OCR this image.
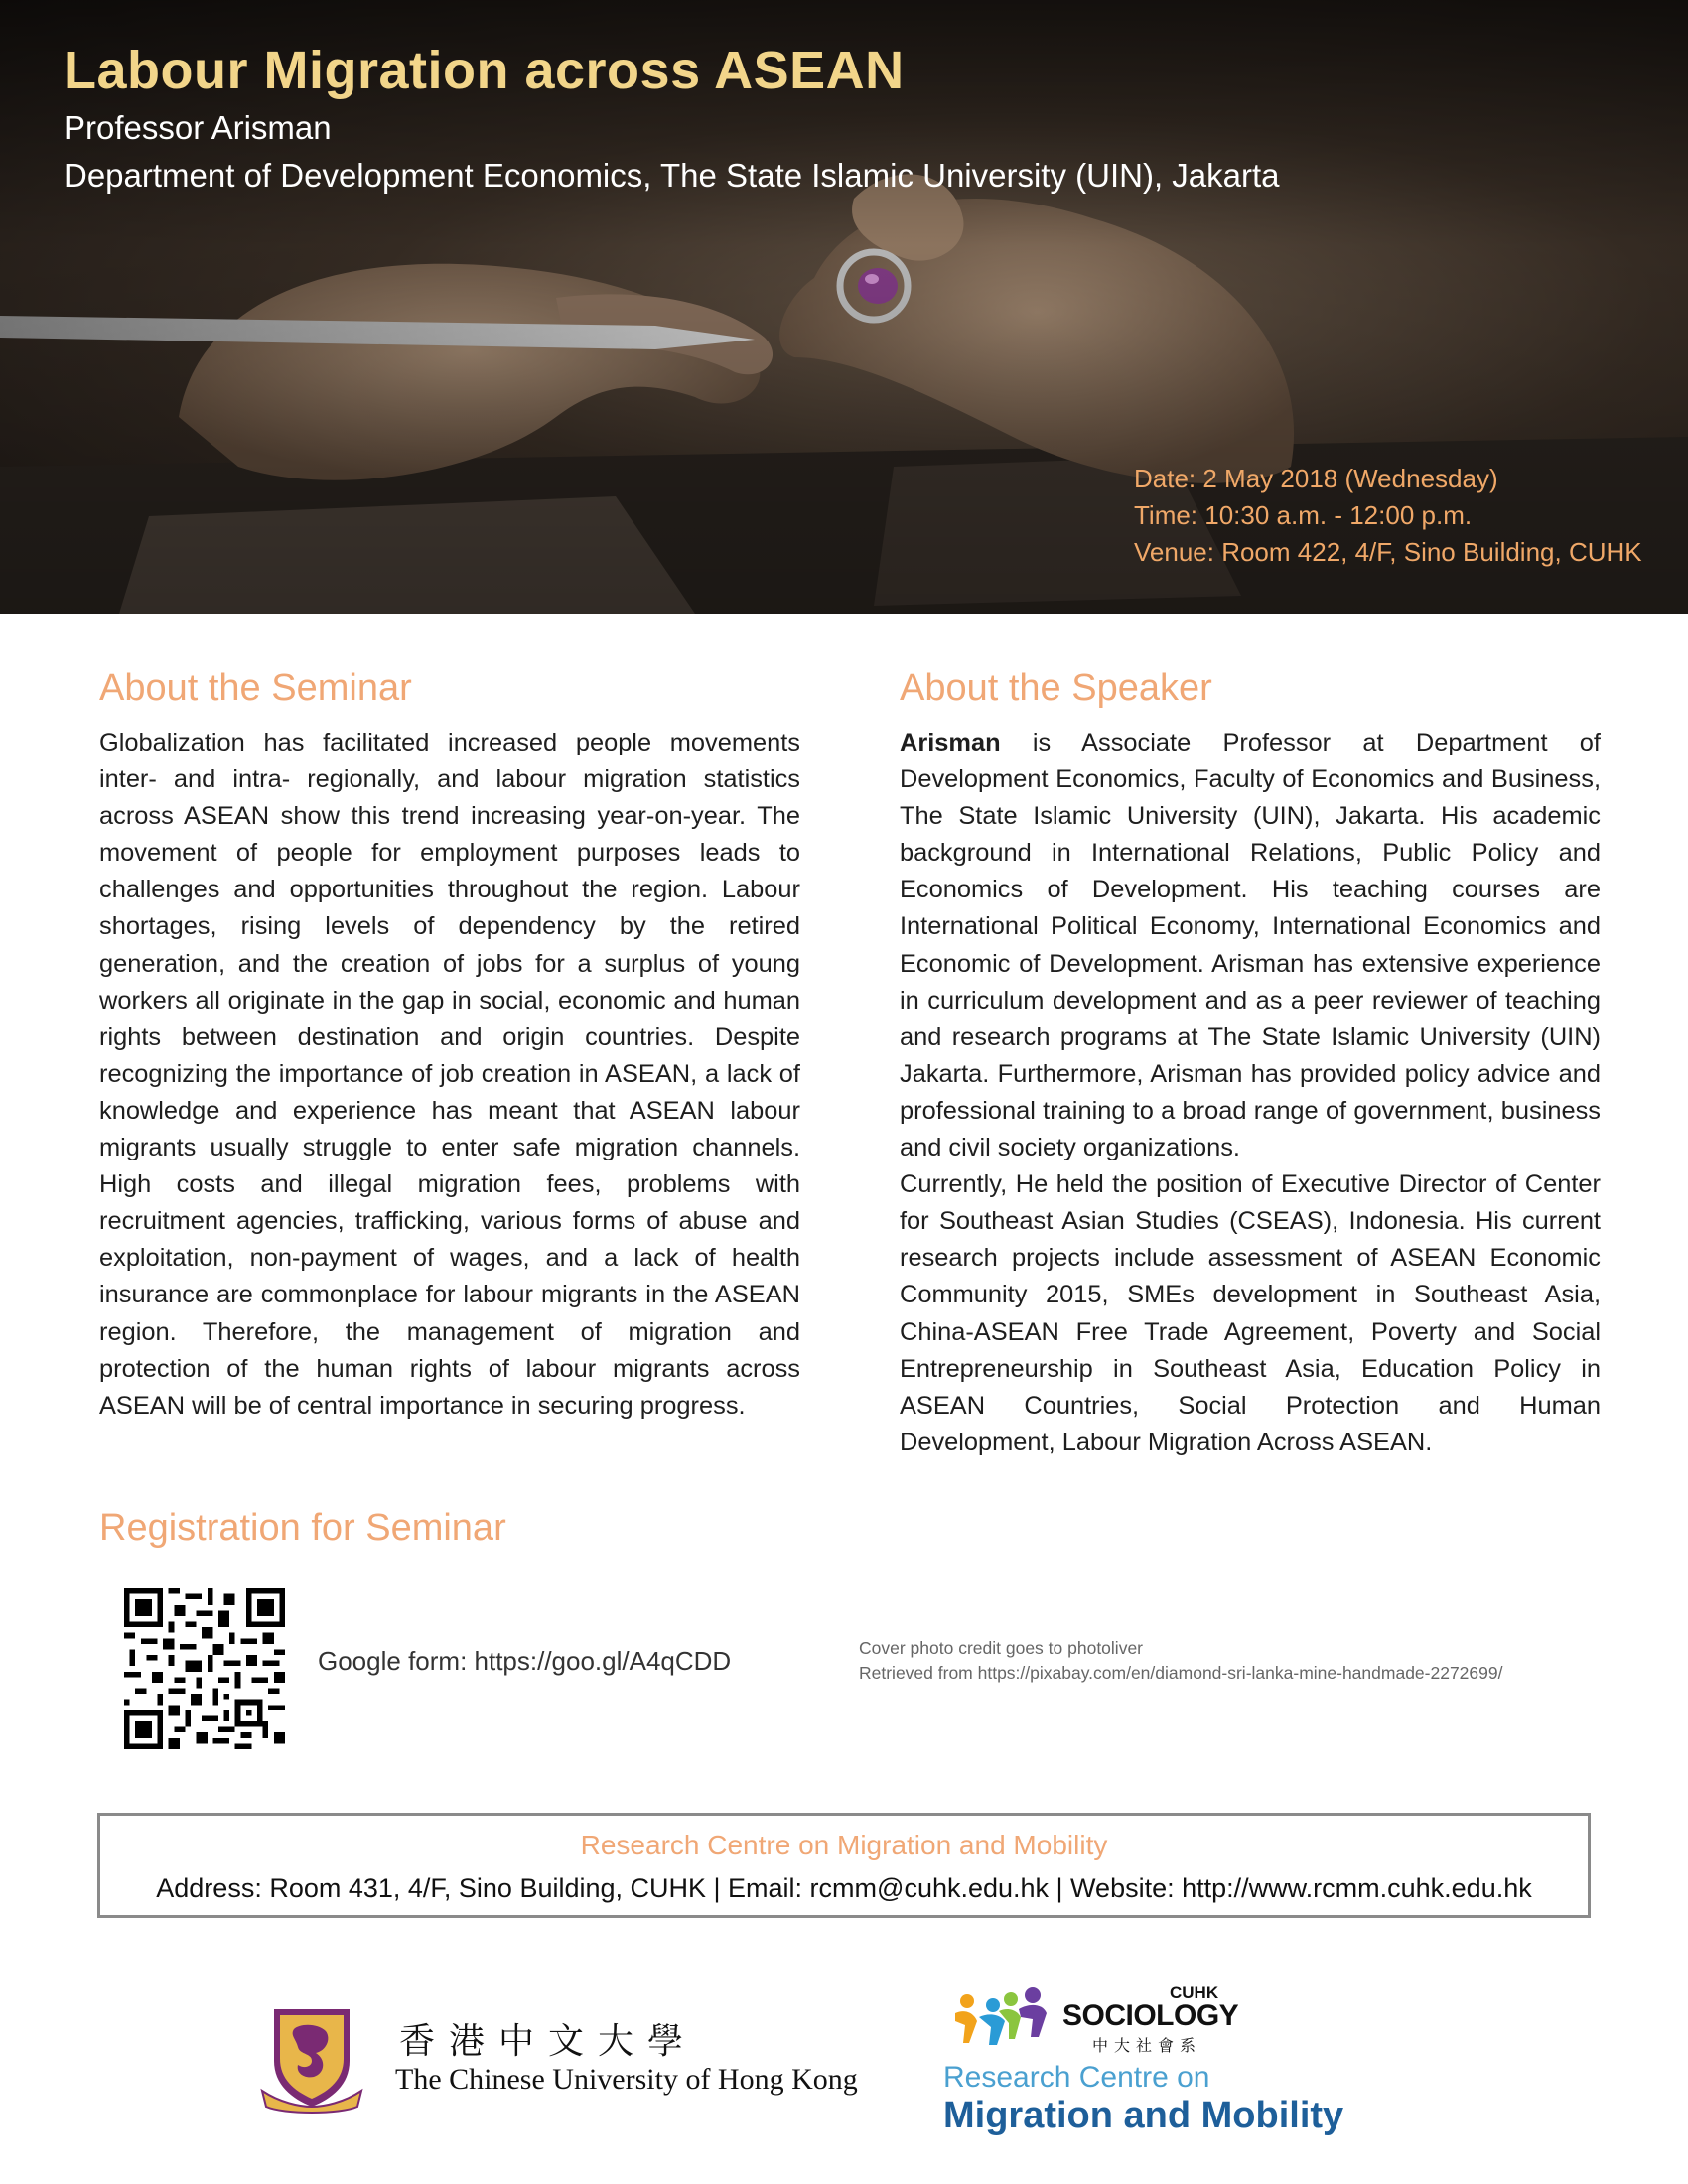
Labour Migration across ASEAN

Professor Arisman

Department of Development Economics, The State Islamic University (UIN), Jakarta

Date: 2 May 2018 (Wednesday)
Time: 10:30 a.m. - 12:00 p.m.
Venue: Room 422, 4/F, Sino Building, CUHK
About the Seminar

Globalization has facilitated increased people movements inter- and intra- regionally, and labour migration statistics across ASEAN show this trend increasing year-on-year. The movement of people for employment purposes leads to challenges and opportunities throughout the region. Labour shortages, rising levels of dependency by the retired generation, and the creation of jobs for a surplus of young workers all originate in the gap in social, economic and human rights between destination and origin countries. Despite recognizing the importance of job creation in ASEAN, a lack of knowledge and experience has meant that ASEAN labour migrants usually struggle to enter safe migration channels. High costs and illegal migration fees, problems with recruitment agencies, trafficking, various forms of abuse and exploitation, non-payment of wages, and a lack of health insurance are commonplace for labour migrants in the ASEAN region. Therefore, the management of migration and protection of the human rights of labour migrants across ASEAN will be of central importance in securing progress.

Registration for Seminar
About the Speaker
Arisman is Associate Professor at Department of Development Economics, Faculty of Economics and Business, The State Islamic University (UIN), Jakarta. His academic background in International Relations, Public Policy and Economics of Development. His teaching courses are International Political Economy, International Economics and Economic of Development. Arisman has extensive experience in curriculum development and as a peer reviewer of teaching and research programs at The State Islamic University (UIN) Jakarta. Furthermore, Arisman has provided policy advice and professional training to a broad range of government, business and civil society organizations.
Currently, He held the position of Executive Director of Center for Southeast Asian Studies (CSEAS), Indonesia. His current research projects include assessment of ASEAN Economic Community 2015, SMEs development in Southeast Asia, China-ASEAN Free Trade Agreement, Poverty and Social Entrepreneurship in Southeast Asia, Education Policy in ASEAN Countries, Social Protection and Human Development, Labour Migration Across ASEAN.
Google form: https://goo.gl/A4qCDD	Cover photo credit goes to photoliver
Retrieved from https://pixabay.com/en/diamond-sri-lanka-mine-handmade-2272699/
Research Centre on Migration and Mobility
Address: Room 431, 4/F, Sino Building, CUHK | Email: rcmm@cuhk.edu.hk | Website: http://www.rcmm.cuhk.edu.hk
香港中文大學
The Chinese University of Hong Kong
CUHK
SOCIOLOGY
中大社會系
Research Centre on
Migration and Mobility
